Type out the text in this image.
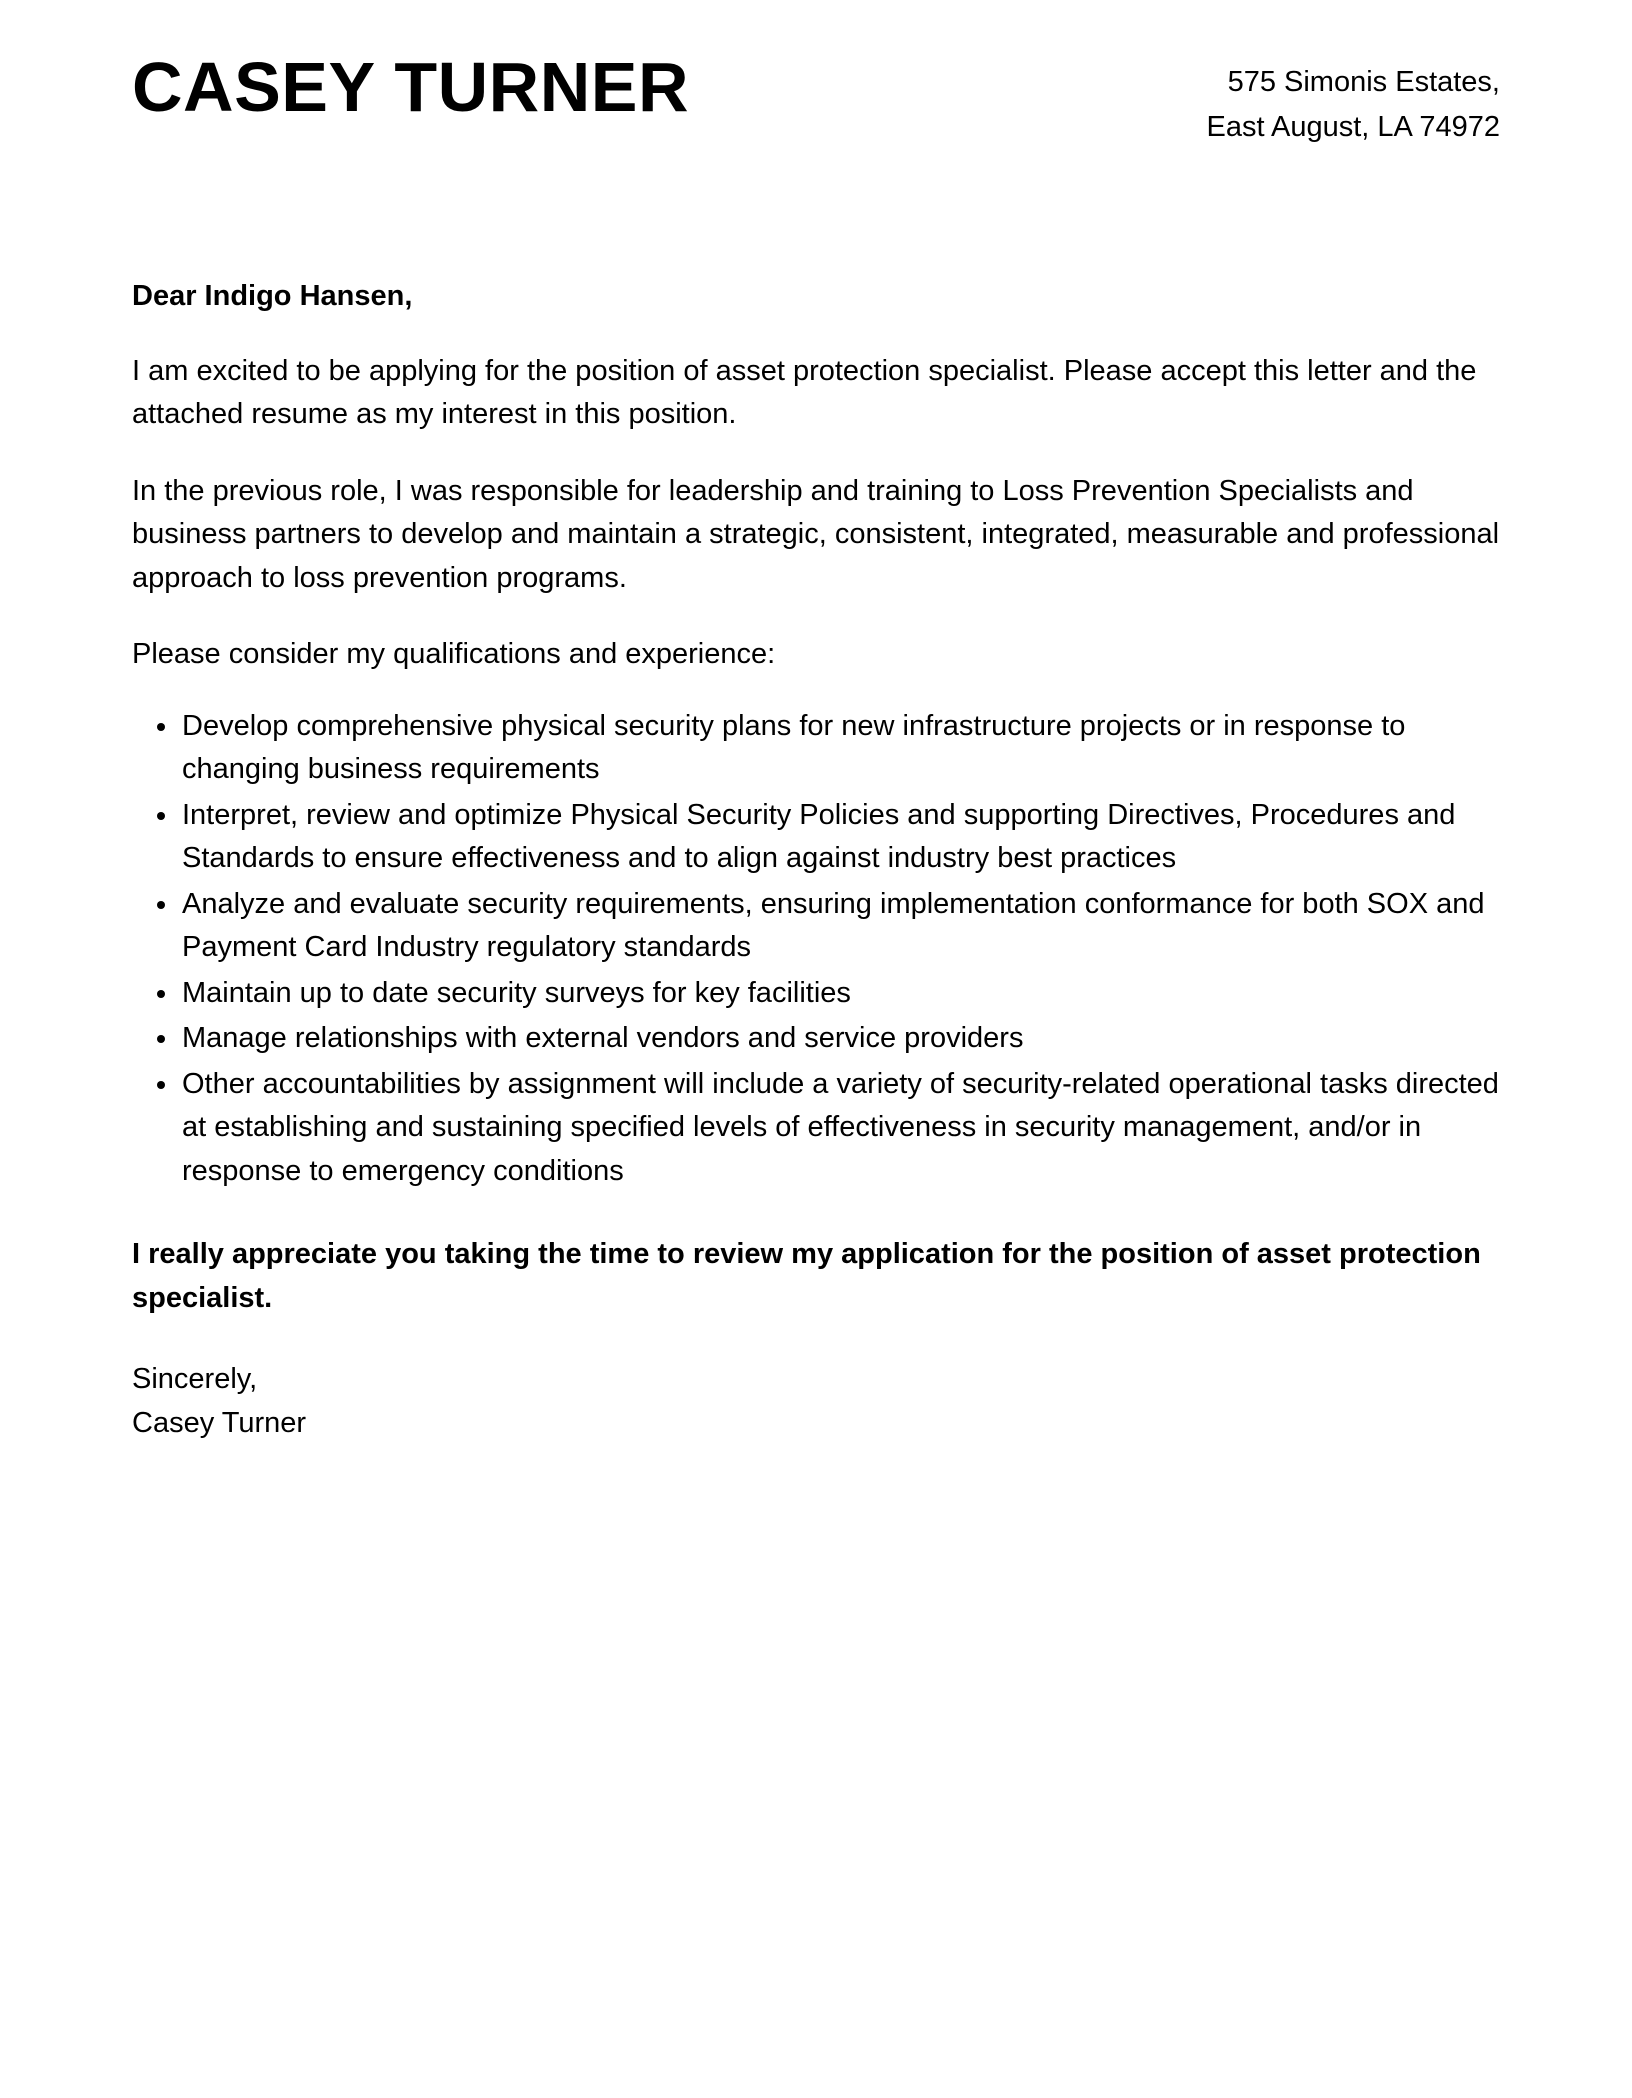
CASEY TURNER	575 Simonis Estates,
East August, LA 74972

Dear Indigo Hansen,

I am excited to be applying for the position of asset protection specialist. Please accept this letter and the attached resume as my interest in this position.

In the previous role, I was responsible for leadership and training to Loss Prevention Specialists and business partners to develop and maintain a strategic, consistent, integrated, measurable and professional approach to loss prevention programs.

Please consider my qualifications and experience:

Develop comprehensive physical security plans for new infrastructure projects or in response to changing business requirements
Interpret, review and optimize Physical Security Policies and supporting Directives, Procedures and Standards to ensure effectiveness and to align against industry best practices
Analyze and evaluate security requirements, ensuring implementation conformance for both SOX and Payment Card Industry regulatory standards
Maintain up to date security surveys for key facilities
Manage relationships with external vendors and service providers
Other accountabilities by assignment will include a variety of security-related operational tasks directed at establishing and sustaining specified levels of effectiveness in security management, and/or in response to emergency conditions

I really appreciate you taking the time to review my application for the position of asset protection specialist.

Sincerely,
Casey Turner
